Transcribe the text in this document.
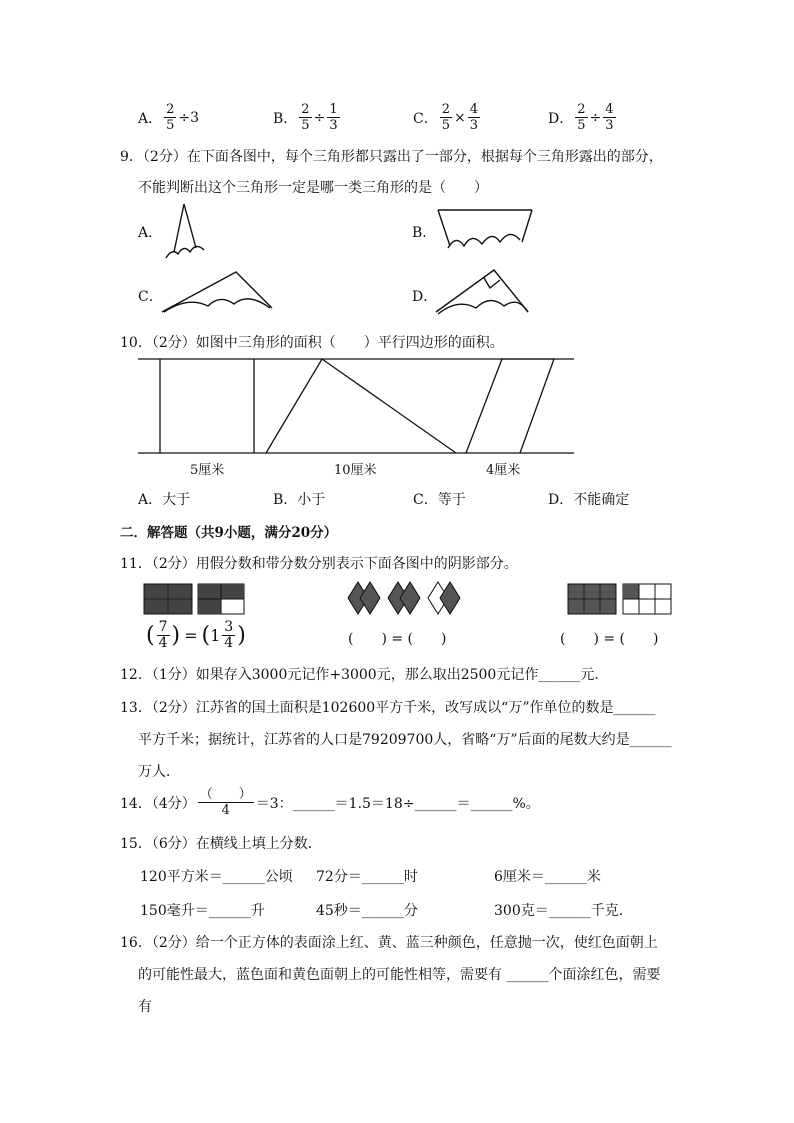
A． $\frac{2}{5} \div 3$	B． $\frac{2}{5} \div \frac{1}{3}$	C． $\frac{2}{5} \times \frac{4}{3}$	D． $\frac{2}{5} \div \frac{4}{3}$
9．（2分）在下面各图中，每个三角形都只露出了一部分，根据每个三角形露出的部分，
不能判断出这个三角形一定是哪一类三角形的是（　　）
A．	B．
C．	D．
10．（2分）如图中三角形的面积（　　）平行四边形的面积。
5厘米	10厘米	4厘米
A．大于	B．小于	C．等于	D．不能确定
二．解答题（共9小题，满分20分）
11．（2分）用假分数和带分数分别表示下面各图中的阴影部分。
( $\frac{7}{4}$ ) = ( $1 \frac{3}{4}$ )	(　　) = (　　)	(　　) = (　　)
12．（1分）如果存入3000元记作+3000元，那么取出2500元记作______元．
13．（2分）江苏省的国土面积是102600平方千米，改写成以“万”作单位的数是______
平方千米；据统计，江苏省的人口是79209700人，省略“万”后面的尾数大约是______
万人．
14．（4分） $\frac{( )}{4} =3$：______＝1.5＝18÷______＝______%。
15．（6分）在横线上填上分数．
120平方米＝______公顷 72分＝______时	6厘米＝______米
150毫升＝______升	45秒＝______分	300克＝______千克．
16．（2分）给一个正方体的表面涂上红、黄、蓝三种颜色，任意抛一次，使红色面朝上
的可能性最大，蓝色面和黄色面朝上的可能性相等，需要有 ______个面涂红色，需要
有
